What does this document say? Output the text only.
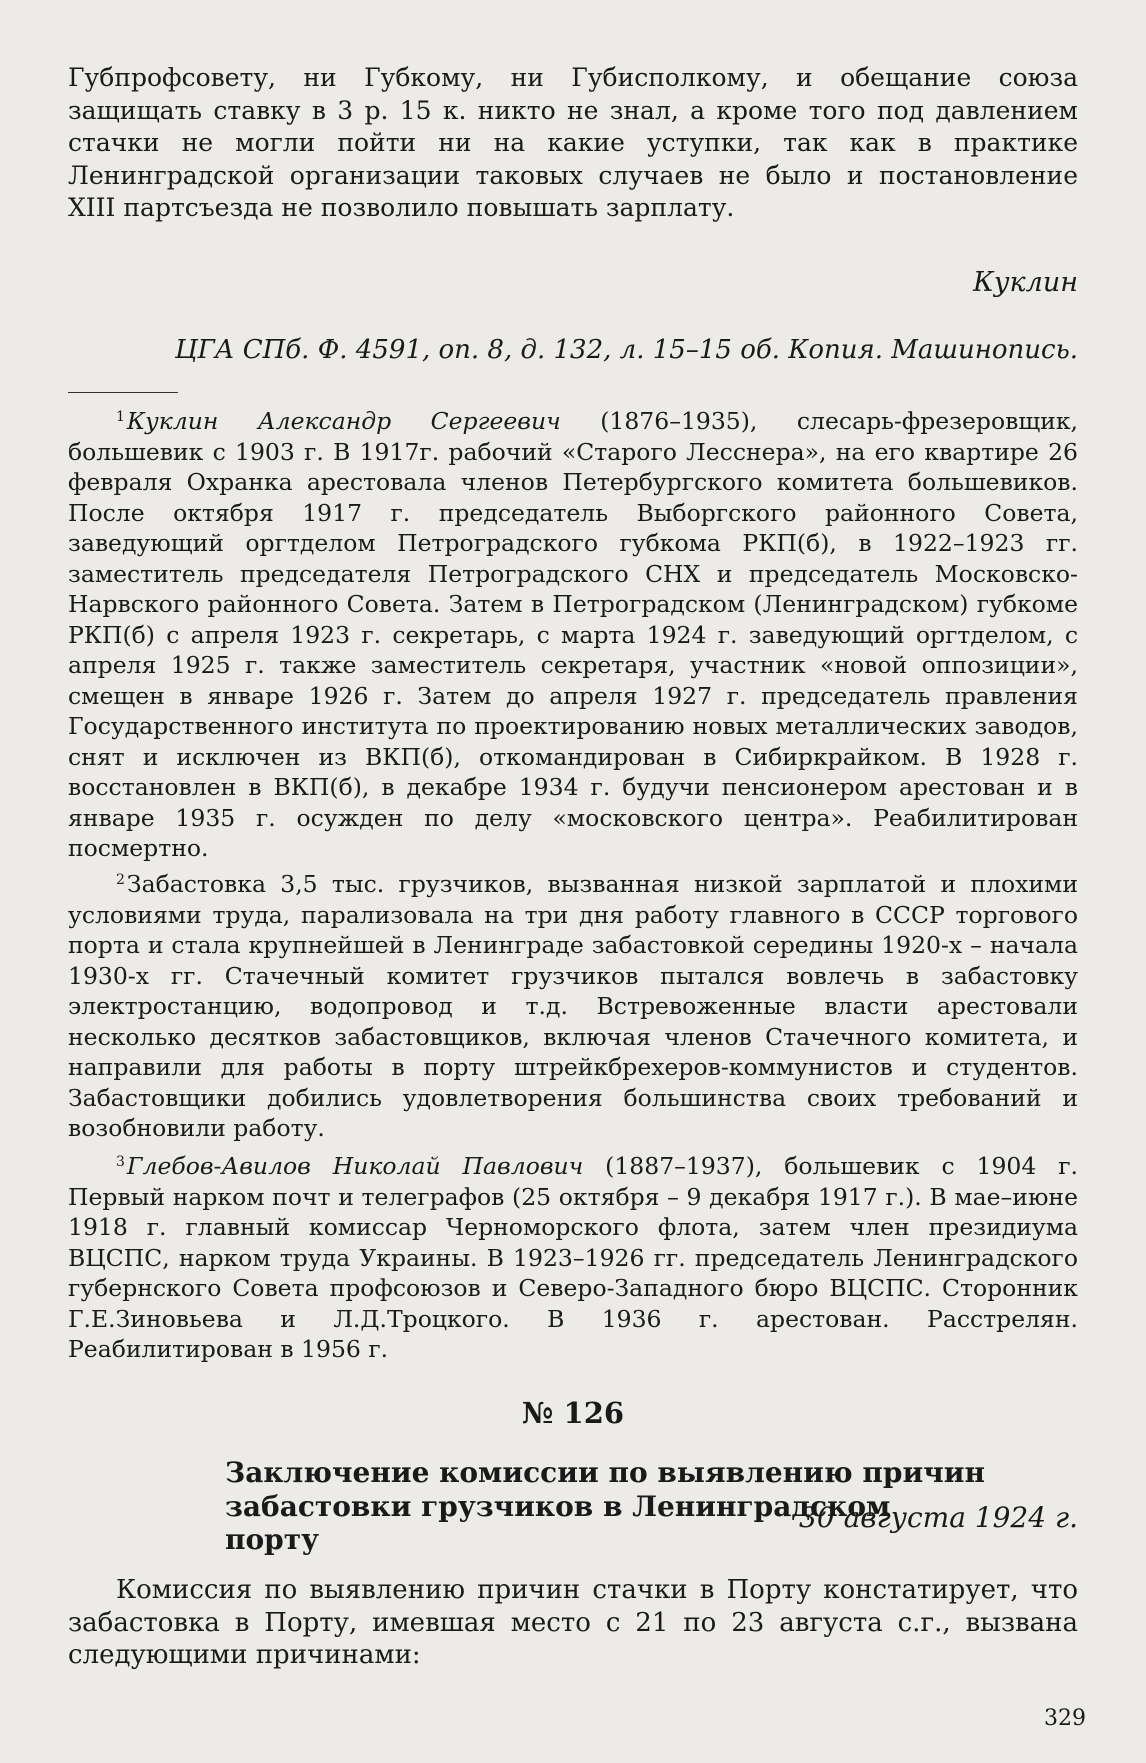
Губпрофсовету, ни Губкому, ни Губисполкому, и обещание союза защищать ставку в 3 р. 15 к. никто не знал, а кроме того под давлением стачки не могли пойти ни на какие уступки, так как в практике Ленинградской организации таковых случаев не было и постановление XIII партсъезда не позволило повышать зарплату.
Куклин
ЦГА СПб. Ф. 4591, оп. 8, д. 132, л. 15–15 об. Копия. Машинопись.
$^1$Куклин Александр Сергеевич (1876–1935), слесарь-фрезеровщик, большевик с 1903 г. В 1917г. рабочий «Старого Лесснера», на его квартире 26 февраля Охранка арестовала членов Петербургского комитета большевиков. После октября 1917 г. председатель Выборгского районного Совета, заведующий оргтделом Петроградского губкома РКП(б), в 1922–1923 гг. заместитель председателя Петроградского СНХ и председатель Московско-Нарвского районного Совета. Затем в Петроградском (Ленинградском) губкоме РКП(б) с апреля 1923 г. секретарь, с марта 1924 г. заведующий оргтделом, с апреля 1925 г. также заместитель секретаря, участник «новой оппозиции», смещен в январе 1926 г. Затем до апреля 1927 г. председатель правления Государственного института по проектированию новых металлических заводов, снят и исключен из ВКП(б), откомандирован в Сибиркрайком. В 1928 г. восстановлен в ВКП(б), в декабре 1934 г. будучи пенсионером арестован и в январе 1935 г. осужден по делу «московского центра». Реабилитирован посмертно.
$^2$Забастовка 3,5 тыс. грузчиков, вызванная низкой зарплатой и плохими условиями труда, парализовала на три дня работу главного в СССР торгового порта и стала крупнейшей в Ленинграде забастовкой середины 1920-х – начала 1930-х гг. Стачечный комитет грузчиков пытался вовлечь в забастовку электростанцию, водопровод и т.д. Встревоженные власти арестовали несколько десятков забастовщиков, включая членов Стачечного комитета, и направили для работы в порту штрейкбрехеров-коммунистов и студентов. Забастовщики добились удовлетворения большинства своих требований и возобновили работу.
$^3$Глебов-Авилов Николай Павлович (1887–1937), большевик с 1904 г. Первый нарком почт и телеграфов (25 октября – 9 декабря 1917 г.). В мае–июне 1918 г. главный комиссар Черноморского флота, затем член президиума ВЦСПС, нарком труда Украины. В 1923–1926 гг. председатель Ленинградского губернского Совета профсоюзов и Северо-Западного бюро ВЦСПС. Сторонник Г.Е.Зиновьева и Л.Д.Троцкого. В 1936 г. арестован. Расстрелян. Реабилитирован в 1956 г.
№ 126
Заключение комиссии по выявлению причин
забастовки грузчиков в Ленинградском порту
30 августа 1924 г.
Комиссия по выявлению причин стачки в Порту констатирует, что забастовка в Порту, имевшая место с 21 по 23 августа с.г., вызвана следующими причинами:
329
